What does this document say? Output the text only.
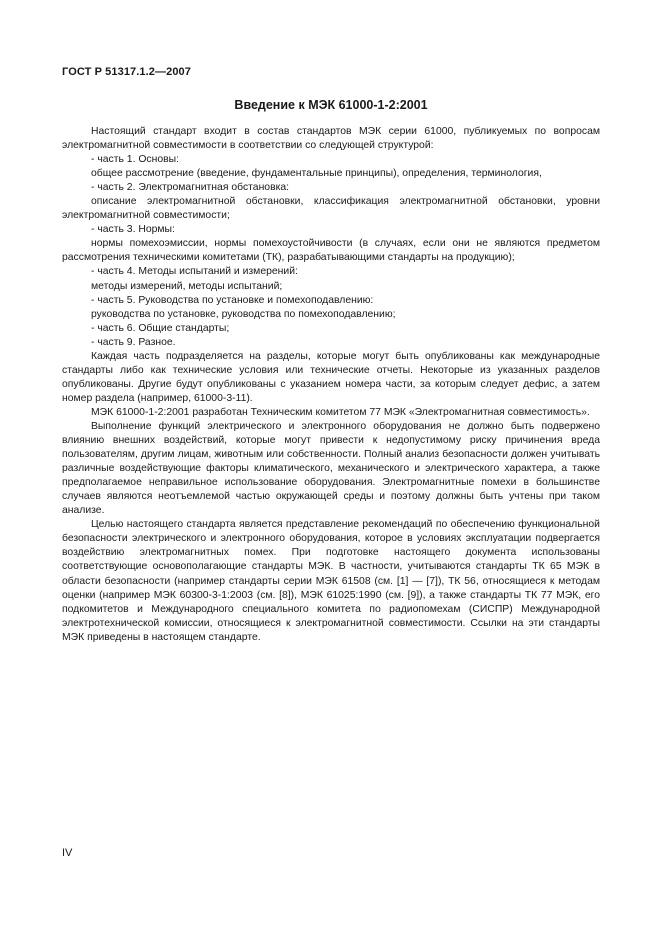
ГОСТ Р 51317.1.2—2007
Введение к МЭК 61000-1-2:2001

Настоящий стандарт входит в состав стандартов МЭК серии 61000, публикуемых по вопросам электромагнитной совместимости в соответствии со следующей структурой:

- часть 1. Основы:

общее рассмотрение (введение, фундаментальные принципы), определения, терминология,

- часть 2. Электромагнитная обстановка:

описание электромагнитной обстановки, классификация электромагнитной обстановки, уровни электромагнитной совместимости;

- часть 3. Нормы:

нормы помехоэмиссии, нормы помехоустойчивости (в случаях, если они не являются предметом рассмотрения техническими комитетами (ТК), разрабатывающими стандарты на продукцию);

- часть 4. Методы испытаний и измерений:

методы измерений, методы испытаний;

- часть 5. Руководства по установке и помехоподавлению:

руководства по установке, руководства по помехоподавлению;

- часть 6. Общие стандарты;

- часть 9. Разное.

Каждая часть подразделяется на разделы, которые могут быть опубликованы как международные стандарты либо как технические условия или технические отчеты. Некоторые из указанных разделов опубликованы. Другие будут опубликованы с указанием номера части, за которым следует дефис, а затем номер раздела (например, 61000-3-11).

МЭК 61000-1-2:2001 разработан Техническим комитетом 77 МЭК «Электромагнитная совместимость».

Выполнение функций электрического и электронного оборудования не должно быть подвержено влиянию внешних воздействий, которые могут привести к недопустимому риску причинения вреда пользователям, другим лицам, животным или собственности. Полный анализ безопасности должен учитывать различные воздействующие факторы климатического, механического и электрического характера, а также предполагаемое неправильное использование оборудования. Электромагнитные помехи в большинстве случаев являются неотъемлемой частью окружающей среды и поэтому должны быть учтены при таком анализе.

Целью настоящего стандарта является представление рекомендаций по обеспечению функциональной безопасности электрического и электронного оборудования, которое в условиях эксплуатации подвергается воздействию электромагнитных помех. При подготовке настоящего документа использованы соответствующие основополагающие стандарты МЭК. В частности, учитываются стандарты ТК 65 МЭК в области безопасности (например стандарты серии МЭК 61508 (см. [1] — [7]), ТК 56, относящиеся к методам оценки (например МЭК 60300-3-1:2003 (см. [8]), МЭК 61025:1990 (см. [9]), а также стандарты ТК 77 МЭК, его подкомитетов и Международного специального комитета по радиопомехам (СИСПР) Международной электротехнической комиссии, относящиеся к электромагнитной совместимости. Ссылки на эти стандарты МЭК приведены в настоящем стандарте.

IV
